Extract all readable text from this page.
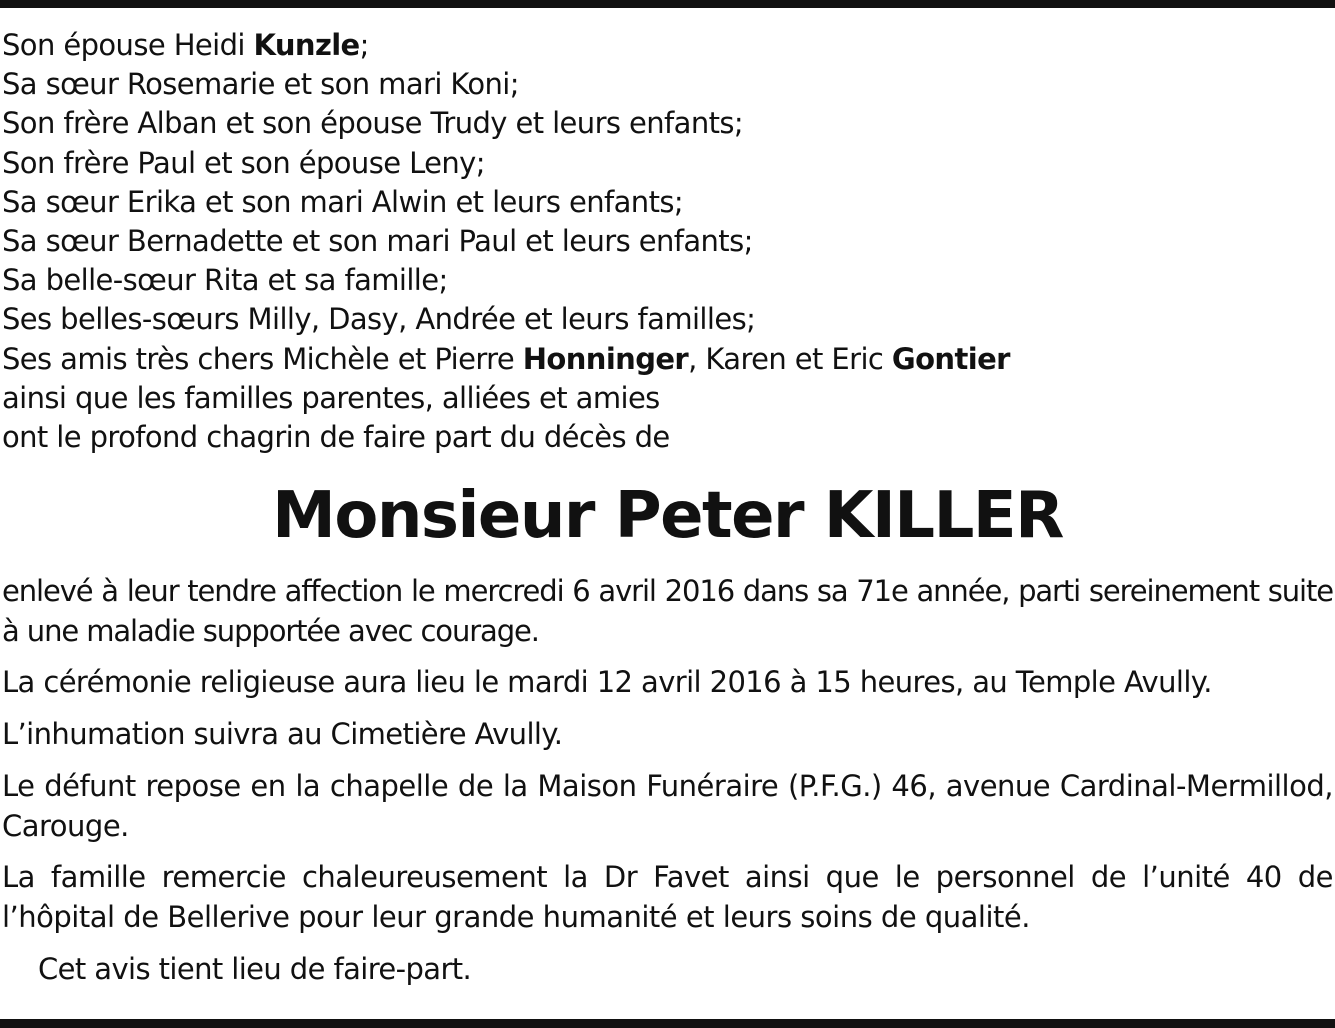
Son épouse Heidi Kunzle;
Sa sœur Rosemarie et son mari Koni;
Son frère Alban et son épouse Trudy et leurs enfants;
Son frère Paul et son épouse Leny;
Sa sœur Erika et son mari Alwin et leurs enfants;
Sa sœur Bernadette et son mari Paul et leurs enfants;
Sa belle-sœur Rita et sa famille;
Ses belles-sœurs Milly, Dasy, Andrée et leurs familles;
Ses amis très chers Michèle et Pierre Honninger, Karen et Eric Gontier
ainsi que les familles parentes, alliées et amies
ont le profond chagrin de faire part du décès de
Monsieur Peter KILLER

enlevé à leur tendre affection le mercredi 6 avril 2016 dans sa 71e année, parti sereinement suite à une maladie supportée avec courage.

La cérémonie religieuse aura lieu le mardi 12 avril 2016 à 15 heures, au Temple Avully.

L’inhumation suivra au Cimetière Avully.

Le défunt repose en la chapelle de la Maison Funéraire (P.F.G.) 46, avenue Cardinal-Mermillod, Carouge.

La famille remercie chaleureusement la Dr Favet ainsi que le personnel de l’unité 40 de l’hôpital de Bellerive pour leur grande humanité et leurs soins de qualité.

Cet avis tient lieu de faire-part.
